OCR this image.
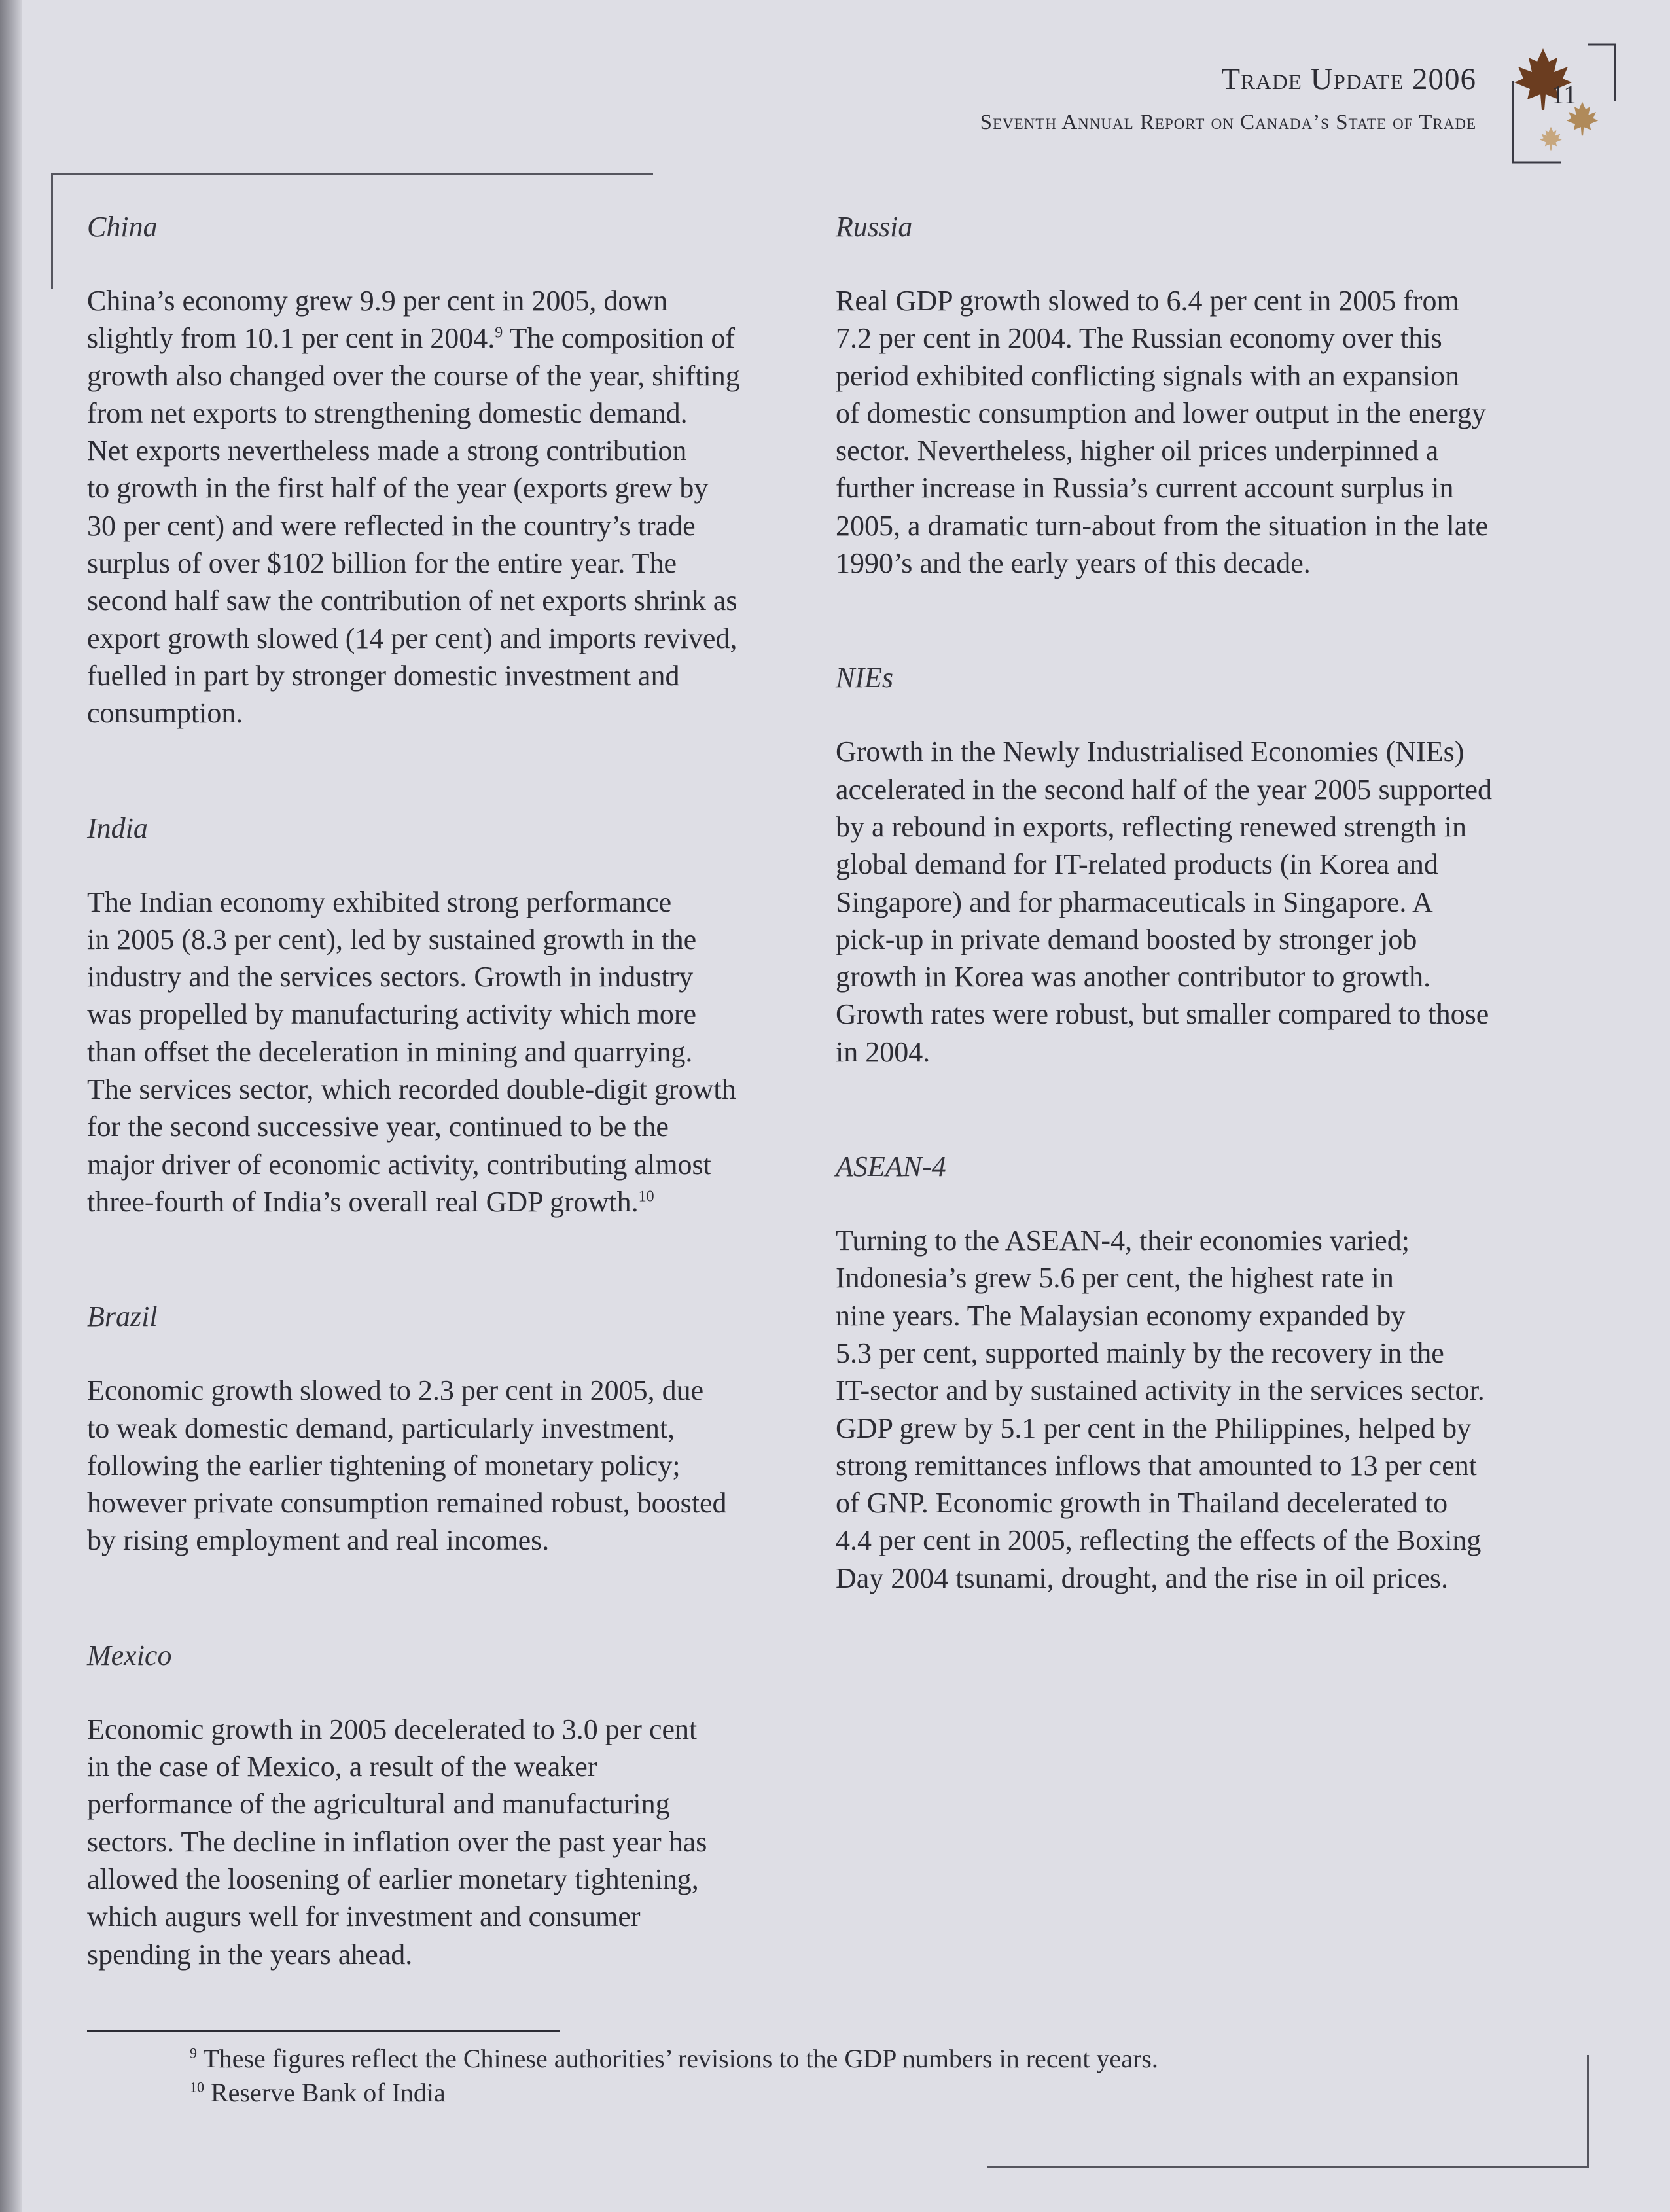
Trade Update 2006
Seventh Annual Report on Canada’s State of Trade
11
China
China’s economy grew 9.9 per cent in 2005, down
slightly from 10.1 per cent in 2004.$^9$ The composition of
growth also changed over the course of the year, shifting
from net exports to strengthening domestic demand.
Net exports nevertheless made a strong contribution
to growth in the first half of the year (exports grew by
30 per cent) and were reflected in the country’s trade
surplus of over $102 billion for the entire year. The
second half saw the contribution of net exports shrink as
export growth slowed (14 per cent) and imports revived,
fuelled in part by stronger domestic investment and
consumption.
India
The Indian economy exhibited strong performance
in 2005 (8.3 per cent), led by sustained growth in the
industry and the services sectors. Growth in industry
was propelled by manufacturing activity which more
than offset the deceleration in mining and quarrying.
The services sector, which recorded double-digit growth
for the second successive year, continued to be the
major driver of economic activity, contributing almost
three-fourth of India’s overall real GDP growth.$^{10}$
Brazil
Economic growth slowed to 2.3 per cent in 2005, due
to weak domestic demand, particularly investment,
following the earlier tightening of monetary policy;
however private consumption remained robust, boosted
by rising employment and real incomes.
Mexico
Economic growth in 2005 decelerated to 3.0 per cent
in the case of Mexico, a result of the weaker
performance of the agricultural and manufacturing
sectors. The decline in inflation over the past year has
allowed the loosening of earlier monetary tightening,
which augurs well for investment and consumer
spending in the years ahead.
Russia
Real GDP growth slowed to 6.4 per cent in 2005 from
7.2 per cent in 2004. The Russian economy over this
period exhibited conflicting signals with an expansion
of domestic consumption and lower output in the energy
sector. Nevertheless, higher oil prices underpinned a
further increase in Russia’s current account surplus in
2005, a dramatic turn-about from the situation in the late
1990’s and the early years of this decade.
NIEs
Growth in the Newly Industrialised Economies (NIEs)
accelerated in the second half of the year 2005 supported
by a rebound in exports, reflecting renewed strength in
global demand for IT-related products (in Korea and
Singapore) and for pharmaceuticals in Singapore. A
pick-up in private demand boosted by stronger job
growth in Korea was another contributor to growth.
Growth rates were robust, but smaller compared to those
in 2004.
ASEAN-4
Turning to the ASEAN-4, their economies varied;
Indonesia’s grew 5.6 per cent, the highest rate in
nine years. The Malaysian economy expanded by
5.3 per cent, supported mainly by the recovery in the
IT-sector and by sustained activity in the services sector.
GDP grew by 5.1 per cent in the Philippines, helped by
strong remittances inflows that amounted to 13 per cent
of GNP. Economic growth in Thailand decelerated to
4.4 per cent in 2005, reflecting the effects of the Boxing
Day 2004 tsunami, drought, and the rise in oil prices.
$^9$ These figures reflect the Chinese authorities’ revisions to the GDP numbers in recent years.
$^{10}$ Reserve Bank of India
